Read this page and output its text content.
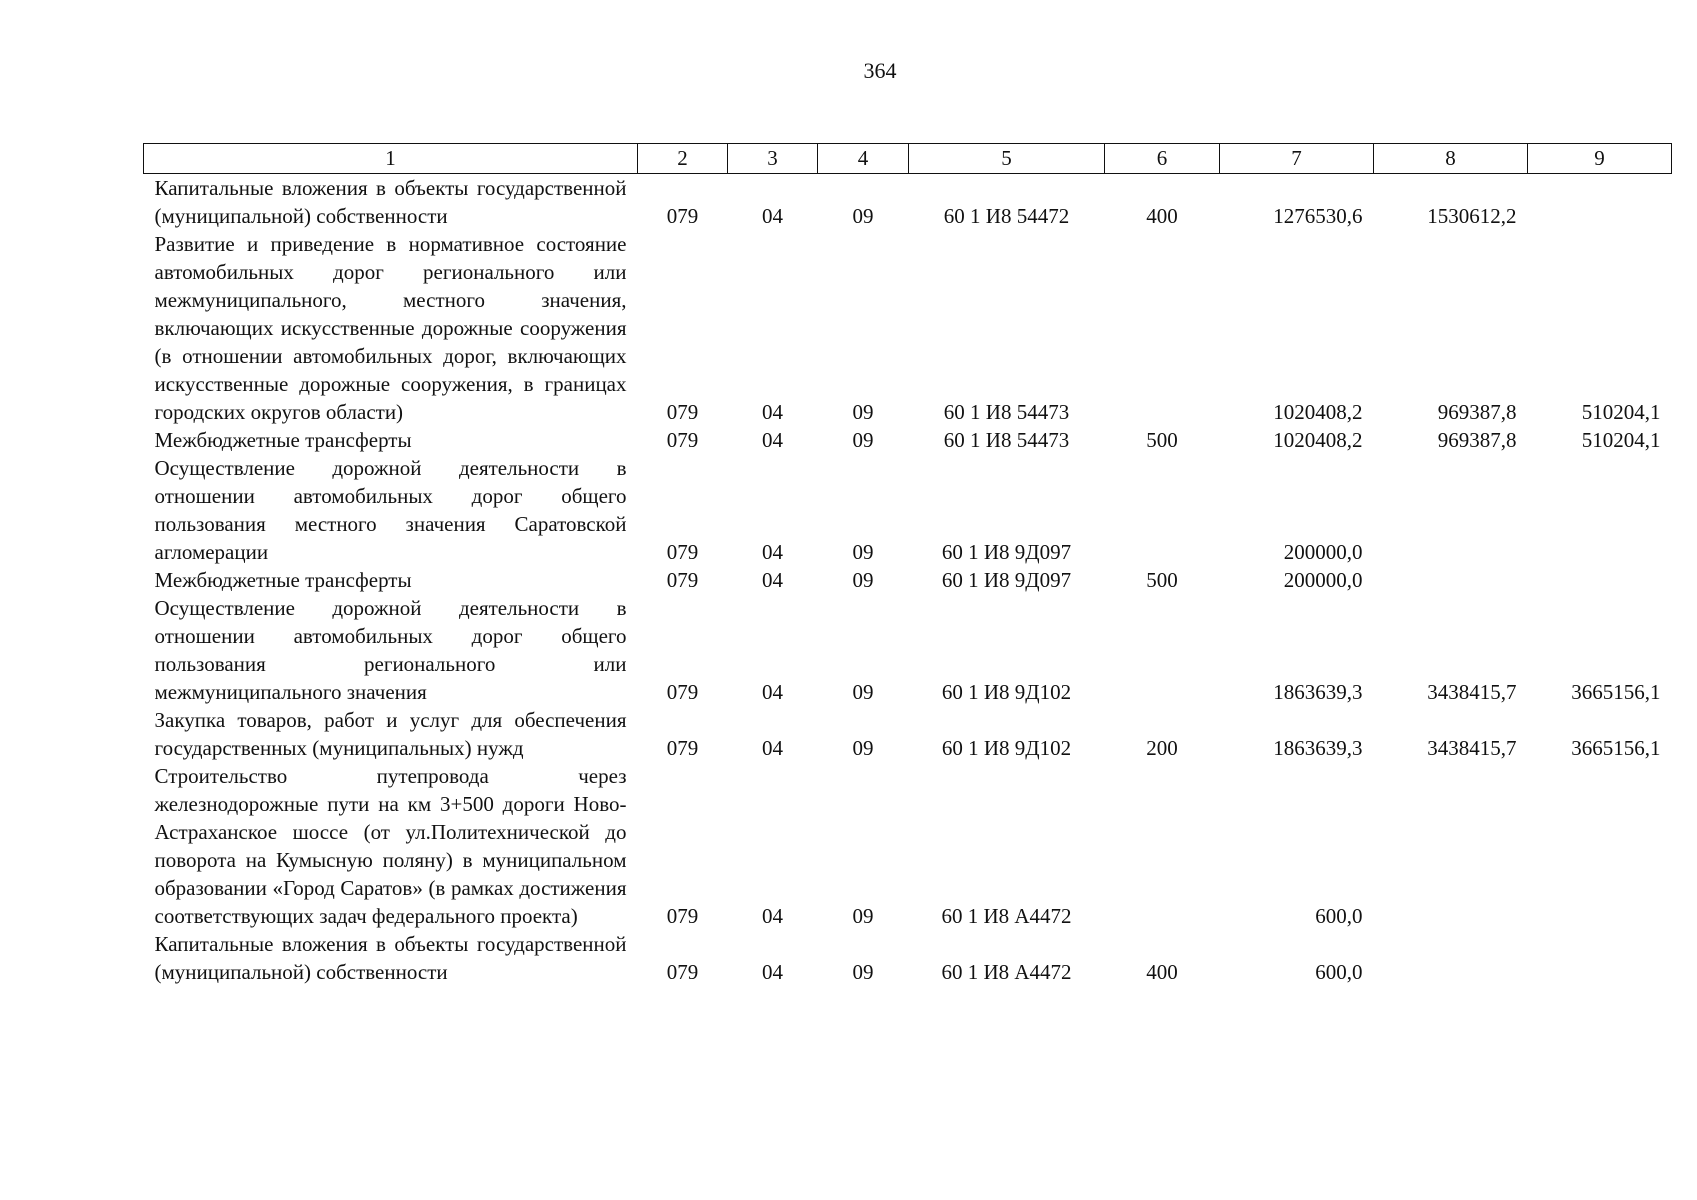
364
1	2	3	4	5	6	7	8	9
Капитальные вложения в объекты государственной (муниципальной) собственности	079	04	09	60 1 И8 54472	400	1276530,6	1530612,2	
Развитие и приведение в нормативное состояние автомобильных дорог регионального или межмуниципального, местного значения, включающих искусственные дорожные сооружения (в отношении автомобильных дорог, включающих искусственные дорожные сооружения, в границах городских округов области)	079	04	09	60 1 И8 54473		1020408,2	969387,8	510204,1
Межбюджетные трансферты	079	04	09	60 1 И8 54473	500	1020408,2	969387,8	510204,1
Осуществление дорожной деятельности в отношении автомобильных дорог общего пользования местного значения Саратовской агломерации	079	04	09	60 1 И8 9Д097		200000,0		
Межбюджетные трансферты	079	04	09	60 1 И8 9Д097	500	200000,0		
Осуществление дорожной деятельности в отношении автомобильных дорог общего пользования регионального или межмуниципального значения	079	04	09	60 1 И8 9Д102		1863639,3	3438415,7	3665156,1
Закупка товаров, работ и услуг для обеспечения государственных (муниципальных) нужд	079	04	09	60 1 И8 9Д102	200	1863639,3	3438415,7	3665156,1
Строительство путепровода через железнодорожные пути на км 3+500 дороги Ново-Астраханское шоссе (от ул.Политехнической до поворота на Кумысную поляну) в муниципальном образовании «Город Саратов» (в рамках достижения соответствующих задач федерального проекта)	079	04	09	60 1 И8 А4472		600,0		
Капитальные вложения в объекты государственной (муниципальной) собственности	079	04	09	60 1 И8 А4472	400	600,0		
